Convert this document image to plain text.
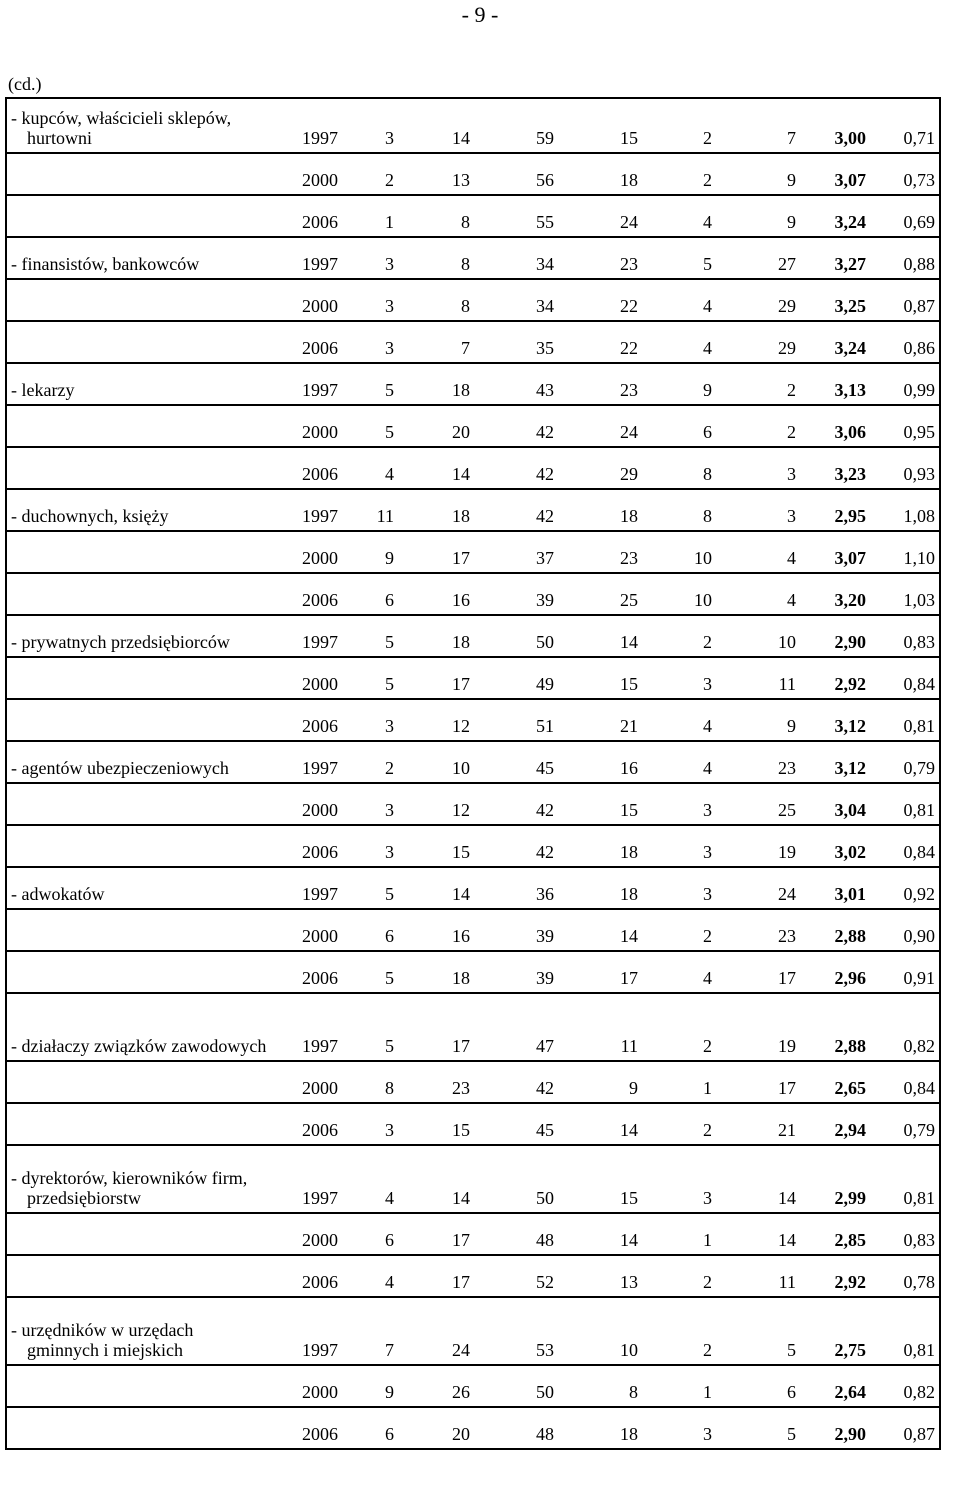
- 9 -
(cd.)
- kupców, właścicieli sklepów,
hurtowni	1997	3	14	59	15	2	7	3,00	0,71
	2000	2	13	56	18	2	9	3,07	0,73
	2006	1	8	55	24	4	9	3,24	0,69

- finansistów, bankowców	1997	3	8	34	23	5	27	3,27	0,88
	2000	3	8	34	22	4	29	3,25	0,87
	2006	3	7	35	22	4	29	3,24	0,86

- lekarzy	1997	5	18	43	23	9	2	3,13	0,99
	2000	5	20	42	24	6	2	3,06	0,95
	2006	4	14	42	29	8	3	3,23	0,93

- duchownych, księży	1997	11	18	42	18	8	3	2,95	1,08
	2000	9	17	37	23	10	4	3,07	1,10
	2006	6	16	39	25	10	4	3,20	1,03

- prywatnych przedsiębiorców	1997	5	18	50	14	2	10	2,90	0,83
	2000	5	17	49	15	3	11	2,92	0,84
	2006	3	12	51	21	4	9	3,12	0,81

- agentów ubezpieczeniowych	1997	2	10	45	16	4	23	3,12	0,79
	2000	3	12	42	15	3	25	3,04	0,81
	2006	3	15	42	18	3	19	3,02	0,84

- adwokatów	1997	5	14	36	18	3	24	3,01	0,92
	2000	6	16	39	14	2	23	2,88	0,90
	2006	5	18	39	17	4	17	2,96	0,91

- działaczy związków zawodowych	1997	5	17	47	11	2	19	2,88	0,82
	2000	8	23	42	9	1	17	2,65	0,84
	2006	3	15	45	14	2	21	2,94	0,79

- dyrektorów, kierowników firm,
przedsiębiorstw	1997	4	14	50	15	3	14	2,99	0,81
	2000	6	17	48	14	1	14	2,85	0,83
	2006	4	17	52	13	2	11	2,92	0,78

- urzędników w urzędach
gminnych i miejskich	1997	7	24	53	10	2	5	2,75	0,81
	2000	9	26	50	8	1	6	2,64	0,82
	2006	6	20	48	18	3	5	2,90	0,87
